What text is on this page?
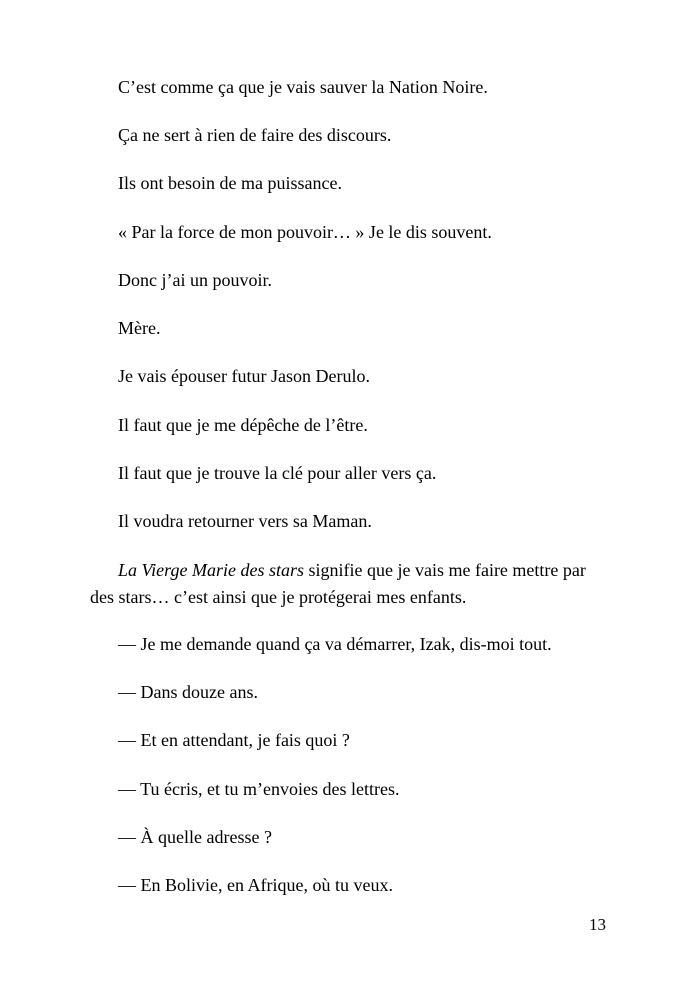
C’est comme ça que je vais sauver la Nation Noire.

Ça ne sert à rien de faire des discours.

Ils ont besoin de ma puissance.

« Par la force de mon pouvoir… » Je le dis souvent.

Donc j’ai un pouvoir.

Mère.

Je vais épouser futur Jason Derulo.

Il faut que je me dépêche de l’être.

Il faut que je trouve la clé pour aller vers ça.

Il voudra retourner vers sa Maman.

La Vierge Marie des stars signifie que je vais me faire mettre par des stars… c’est ainsi que je protégerai mes enfants.

— Je me demande quand ça va démarrer, Izak, dis-moi tout.

— Dans douze ans.

— Et en attendant, je fais quoi ?

— Tu écris, et tu m’envoies des lettres.

— À quelle adresse ?

— En Bolivie, en Afrique, où tu veux.

13
